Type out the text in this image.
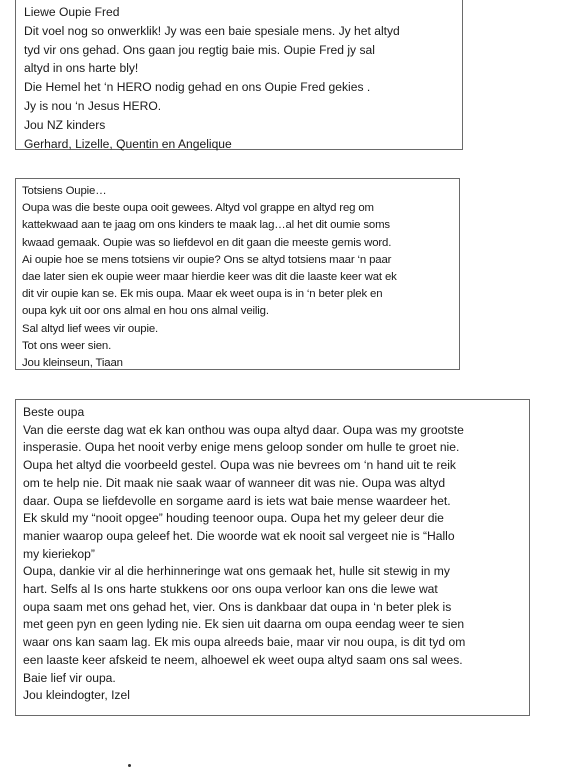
Liewe Oupie Fred
Dit voel nog so onwerklik! Jy was een baie spesiale mens. Jy het altyd
tyd vir ons gehad. Ons gaan jou regtig baie mis. Oupie Fred jy sal
altyd in ons harte bly!
Die Hemel het ‘n HERO nodig gehad en ons Oupie Fred gekies .
Jy is nou ‘n Jesus HERO.
Jou NZ kinders
Gerhard, Lizelle, Quentin en Angelique
Totsiens Oupie…
Oupa was die beste oupa ooit gewees. Altyd vol grappe en altyd reg om
kattekwaad aan te jaag om ons kinders te maak lag…al het dit oumie soms
kwaad gemaak. Oupie was so liefdevol en dit gaan die meeste gemis word.
Ai oupie hoe se mens totsiens vir oupie? Ons se altyd totsiens maar ‘n paar
dae later sien ek oupie weer maar hierdie keer was dit die laaste keer wat ek
dit vir oupie kan se. Ek mis oupa. Maar ek weet oupa is in ‘n beter plek en
oupa kyk uit oor ons almal en hou ons almal veilig.
Sal altyd lief wees vir oupie.
Tot ons weer sien.
Jou kleinseun, Tiaan
Beste oupa
Van die eerste dag wat ek kan onthou was oupa altyd daar. Oupa was my grootste
insperasie. Oupa het nooit verby enige mens geloop sonder om hulle te groet nie.
Oupa het altyd die voorbeeld gestel. Oupa was nie bevrees om ‘n hand uit te reik
om te help nie. Dit maak nie saak waar of wanneer dit was nie. Oupa was altyd
daar. Oupa se liefdevolle en sorgame aard is iets wat baie mense waardeer het.
Ek skuld my “nooit opgee” houding teenoor oupa. Oupa het my geleer deur die
manier waarop oupa geleef het. Die woorde wat ek nooit sal vergeet nie is “Hallo
my kieriekop”
Oupa, dankie vir al die herhinneringe wat ons gemaak het, hulle sit stewig in my
hart. Selfs al Is ons harte stukkens oor ons oupa verloor kan ons die lewe wat
oupa saam met ons gehad het, vier. Ons is dankbaar dat oupa in ‘n beter plek is
met geen pyn en geen lyding nie. Ek sien uit daarna om oupa eendag weer te sien
waar ons kan saam lag. Ek mis oupa alreeds baie, maar vir nou oupa, is dit tyd om
een laaste keer afskeid te neem, alhoewel ek weet oupa altyd saam ons sal wees.
Baie lief vir oupa.
Jou kleindogter, Izel
